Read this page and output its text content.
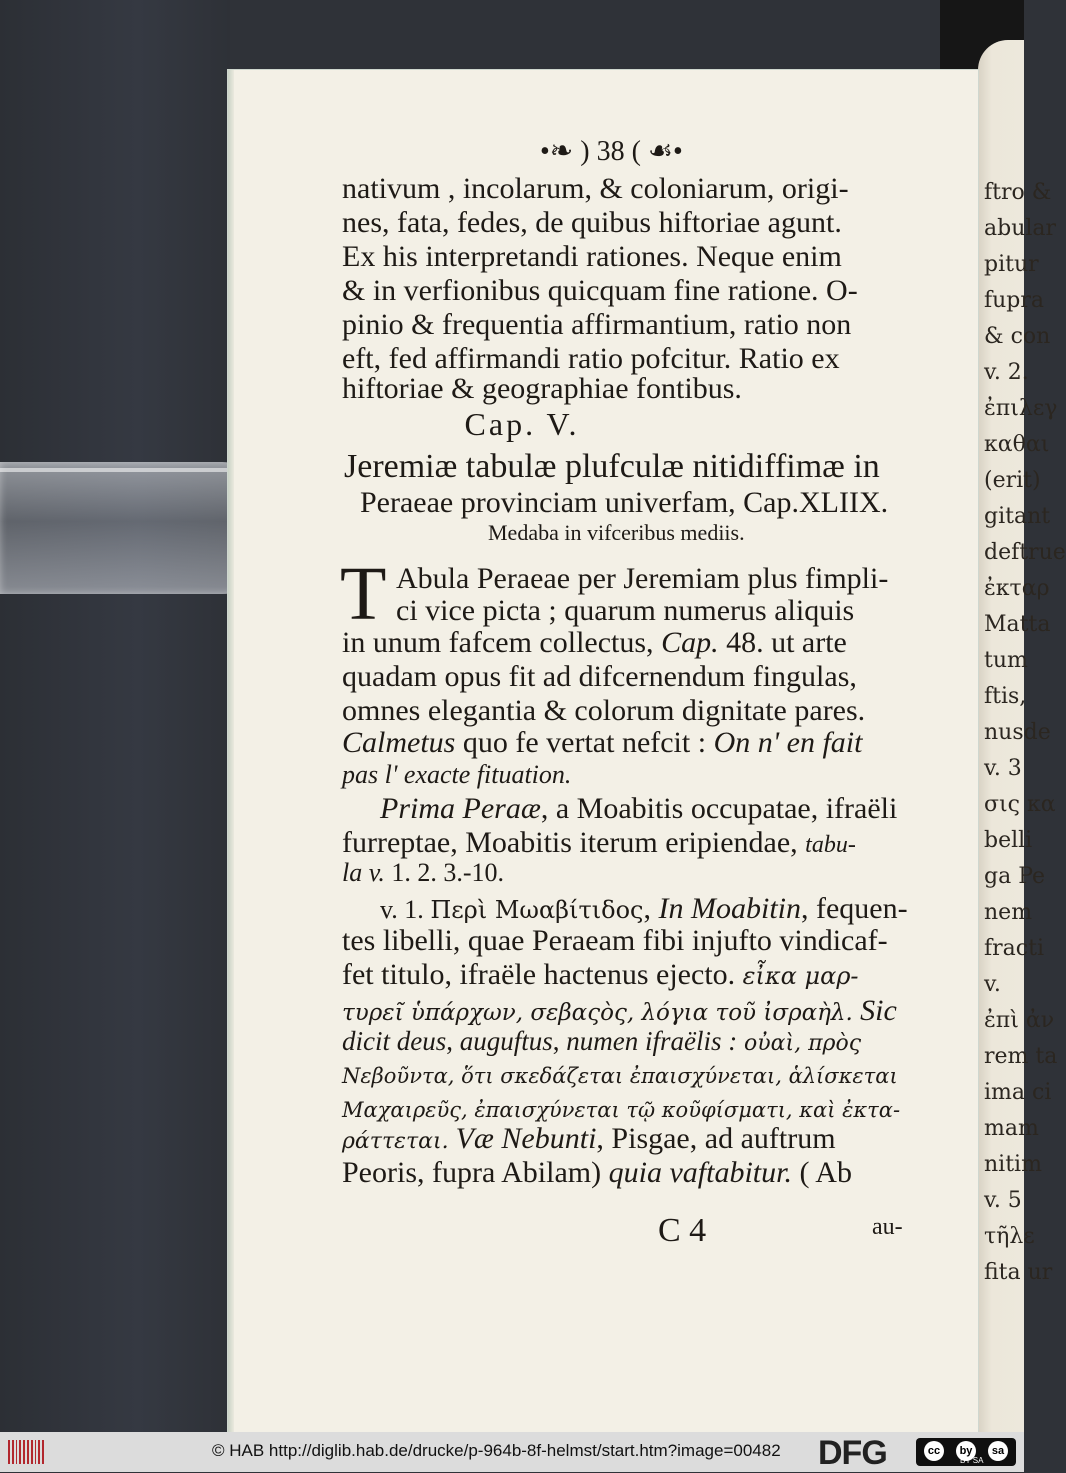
ftro &
abular
pitur
fupra
& con
v. 2.
ἐπιλεγ
καθαι
(erit)
gitant
deftrue
ἐκταρ
Matta
tum
ftis,
nusde
v. 3
σις κα
belli
ga Pe
nem
fracti
v.
ἐπὶ ἀν
rem ta
ima ci
mam
nitim
v. 5
τῆλε
fita ur
•❧ ) 38 ( ☙•
nativum , incolarum, & coloniarum, origi-
nes, fata, fedes, de quibus hiftoriae agunt.
Ex his interpretandi rationes. Neque enim
& in verfionibus quicquam fine ratione. O-
pinio & frequentia affirmantium, ratio non
eft, fed affirmandi ratio pofcitur. Ratio ex
hiftoriae & geographiae fontibus.
Cap. V.
Jeremiæ tabulæ plufculæ nitidiffimæ in
Peraeae provinciam univerfam, Cap.XLIIX.
Medaba in vifceribus mediis.
T Abula Peraeae per Jeremiam plus fimpli-
ci vice picta ; quarum numerus aliquis
in unum fafcem collectus, Cap. 48. ut arte
quadam opus fit ad difcernendum fingulas,
omnes elegantia & colorum dignitate pares.
Calmetus quo fe vertat nefcit : On n' en fait
pas l' exacte fituation.
Prima Peraæ, a Moabitis occupatae, ifraëli
furreptae, Moabitis iterum eripiendae, tabu-
la v. 1. 2. 3.-10.
v. 1. Περὶ Μωαβίτιδος, In Moabitin, fequen-
tes libelli, quae Peraeam fibi injufto vindicaf-
fet titulo, ifraële hactenus ejecto. εἶκα μαρ-
τυρεῖ ὑπάρχων, σεβαςὸς, λόγια τοῦ ἰσραὴλ. Sic
dicit deus, auguftus, numen ifraëlis : οὐαὶ, πρὸς
Νεβοῦντα, ὅτι σκεδάζεται ἐπαισχύνεται, ἁλίσκεται
Μαχαιρεῦς, ἐπαισχύνεται τῷ κοῦφίσματι, καὶ ἐκτα-
ράττεται. Væ Nebunti, Pisgae, ad auftrum
Peoris, fupra Abilam) quia vaftabitur. ( Ab
C 4	au-
© HAB http://diglib.hab.de/drucke/p-964b-8f-helmst/start.htm?image=00482 DFG	cc	by	sa
BY SA
